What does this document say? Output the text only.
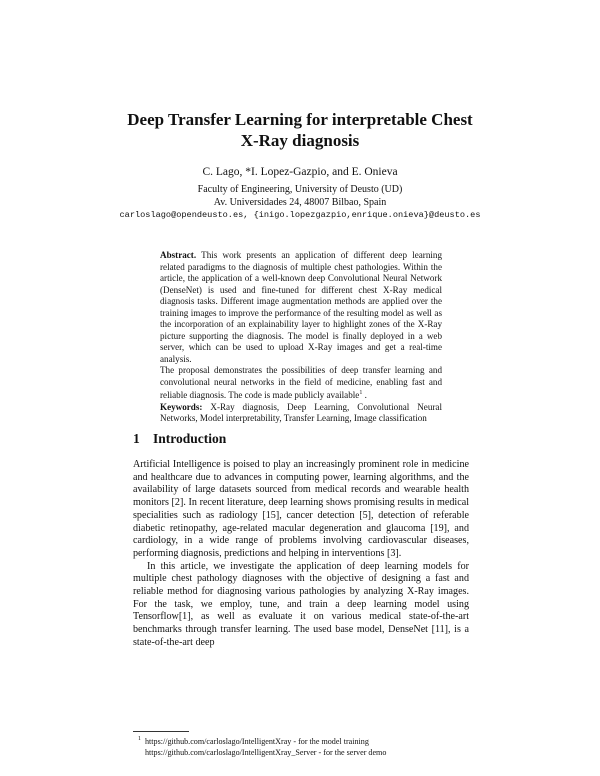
Deep Transfer Learning for interpretable Chest
X-Ray diagnosis
C. Lago, *I. Lopez-Gazpio, and E. Onieva
Faculty of Engineering, University of Deusto (UD)
Av. Universidades 24, 48007 Bilbao, Spain
carloslago@opendeusto.es, {inigo.lopezgazpio,enrique.onieva}@deusto.es

Abstract. This work presents an application of different deep learning related paradigms to the diagnosis of multiple chest pathologies. Within the article, the application of a well-known deep Convolutional Neural Network (DenseNet) is used and fine-tuned for different chest X-Ray medical diagnosis tasks. Different image augmentation methods are applied over the training images to improve the performance of the resulting model as well as the incorporation of an explainability layer to highlight zones of the X-Ray picture supporting the diagnosis. The model is finally deployed in a web server, which can be used to upload X-Ray images and get a real-time analysis.

The proposal demonstrates the possibilities of deep transfer learning and convolutional neural networks in the field of medicine, enabling fast and reliable diagnosis. The code is made publicly available$^1$ .

Keywords: X-Ray diagnosis, Deep Learning, Convolutional Neural Networks, Model interpretability, Transfer Learning, Image classification

1 Introduction

Artificial Intelligence is poised to play an increasingly prominent role in medicine and healthcare due to advances in computing power, learning algorithms, and the availability of large datasets sourced from medical records and wearable health monitors [2]. In recent literature, deep learning shows promising results in medical specialities such as radiology [15], cancer detection [5], detection of referable diabetic retinopathy, age-related macular degeneration and glaucoma [19], and cardiology, in a wide range of problems involving cardiovascular diseases, performing diagnosis, predictions and helping in interventions [3].

In this article, we investigate the application of deep learning models for multiple chest pathology diagnoses with the objective of designing a fast and reliable method for diagnosing various pathologies by analyzing X-Ray images. For the task, we employ, tune, and train a deep learning model using Tensorflow[1], as well as evaluate it on various medical state-of-the-art benchmarks through transfer learning. The used base model, DenseNet [11], is a state-of-the-art deep

1 https://github.com/carloslago/IntelligentXray - for the model training
https://github.com/carloslago/IntelligentXray_Server - for the server demo
